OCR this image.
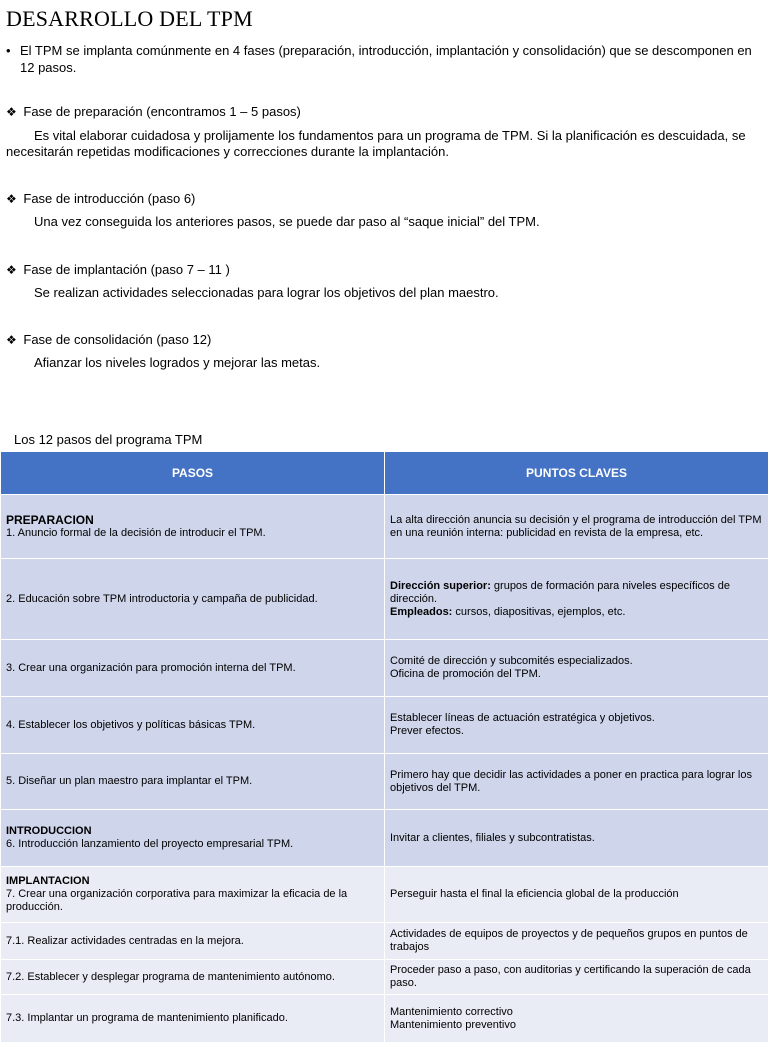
DESARROLLO DEL TPM
• El TPM se implanta comúnmente en 4 fases (preparación, introducción, implantación y consolidación) que se descomponen en 12 pasos.
❖ Fase de preparación (encontramos 1 – 5 pasos)
Es vital elaborar cuidadosa y prolijamente los fundamentos para un programa de TPM. Si la planificación es descuidada, se necesitarán repetidas modificaciones y correcciones durante la implantación.
❖ Fase de introducción (paso 6)
Una vez conseguida los anteriores pasos, se puede dar paso al “saque inicial” del TPM.
❖ Fase de implantación (paso 7 – 11 )
Se realizan actividades seleccionadas para lograr los objetivos del plan maestro.
❖ Fase de consolidación (paso 12)
Afianzar los niveles logrados y mejorar las metas.
Los 12 pasos del programa TPM
PASOS	PUNTOS CLAVES

PREPARACION
1. Anuncio formal de la decisión de introducir el TPM.	La alta dirección anuncia su decisión y el programa de introducción del TPM en una reunión interna: publicidad en revista de la empresa, etc.

2. Educación sobre TPM introductoria y campaña de publicidad.	Dirección superior: grupos de formación para niveles específicos de dirección.
Empleados: cursos, diapositivas, ejemplos, etc.

3. Crear una organización para promoción interna del TPM.	Comité de dirección y subcomités especializados.
Oficina de promoción del TPM.

4. Establecer los objetivos y políticas básicas TPM.	Establecer líneas de actuación estratégica y objetivos.
Prever efectos.

5. Diseñar un plan maestro para implantar el TPM.	Primero hay que decidir las actividades a poner en practica para lograr los objetivos del TPM.

INTRODUCCION
6. Introducción lanzamiento del proyecto empresarial TPM.	Invitar a clientes, filiales y subcontratistas.

IMPLANTACION
7. Crear una organización corporativa para maximizar la eficacia de la producción.	Perseguir hasta el final la eficiencia global de la producción

7.1. Realizar actividades centradas en la mejora.	Actividades de equipos de proyectos y de pequeños grupos en puntos de trabajos

7.2. Establecer y desplegar programa de mantenimiento autónomo.	Proceder paso a paso, con auditorias y certificando la superación de cada paso.

7.3. Implantar un programa de mantenimiento planificado.	Mantenimiento correctivo
Mantenimiento preventivo
